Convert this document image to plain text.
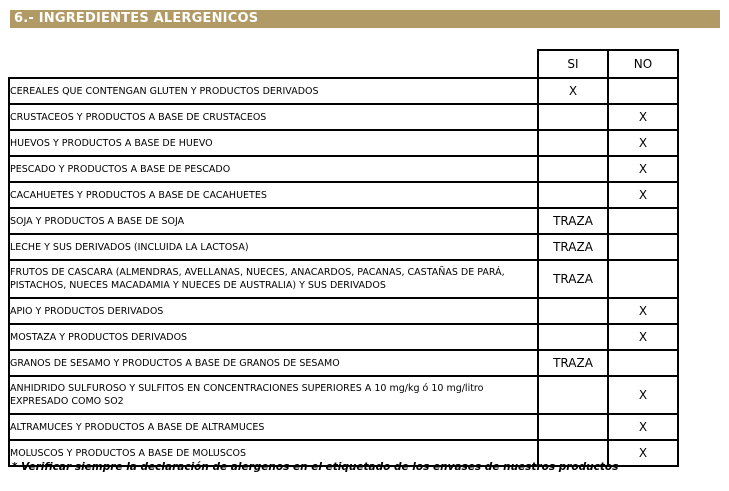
6.- INGREDIENTES ALERGENICOS
	SI	NO
CEREALES QUE CONTENGAN GLUTEN Y PRODUCTOS DERIVADOS	X	
CRUSTACEOS Y PRODUCTOS A BASE DE CRUSTACEOS		X
HUEVOS Y PRODUCTOS A BASE DE HUEVO		X
PESCADO Y PRODUCTOS A BASE DE PESCADO		X
CACAHUETES Y PRODUCTOS A BASE DE CACAHUETES		X
SOJA Y PRODUCTOS A BASE DE SOJA	TRAZA	
LECHE Y SUS DERIVADOS (INCLUIDA LA LACTOSA)	TRAZA	
FRUTOS DE CASCARA (ALMENDRAS, AVELLANAS, NUECES, ANACARDOS, PACANAS, CASTAÑAS DE PARÁ, PISTACHOS, NUECES MACADAMIA Y NUECES DE AUSTRALIA) Y SUS DERIVADOS	TRAZA	
APIO Y PRODUCTOS DERIVADOS		X
MOSTAZA Y PRODUCTOS DERIVADOS		X
GRANOS DE SESAMO Y PRODUCTOS A BASE DE GRANOS DE SESAMO	TRAZA	
ANHIDRIDO SULFUROSO Y SULFITOS EN CONCENTRACIONES SUPERIORES A 10 mg/kg ó 10 mg/litro EXPRESADO COMO SO2		X
ALTRAMUCES Y PRODUCTOS A BASE DE ALTRAMUCES		X
MOLUSCOS Y PRODUCTOS A BASE DE MOLUSCOS		X
* Verificar siempre la declaración de alergenos en el etiquetado de los envases de nuestros productos
